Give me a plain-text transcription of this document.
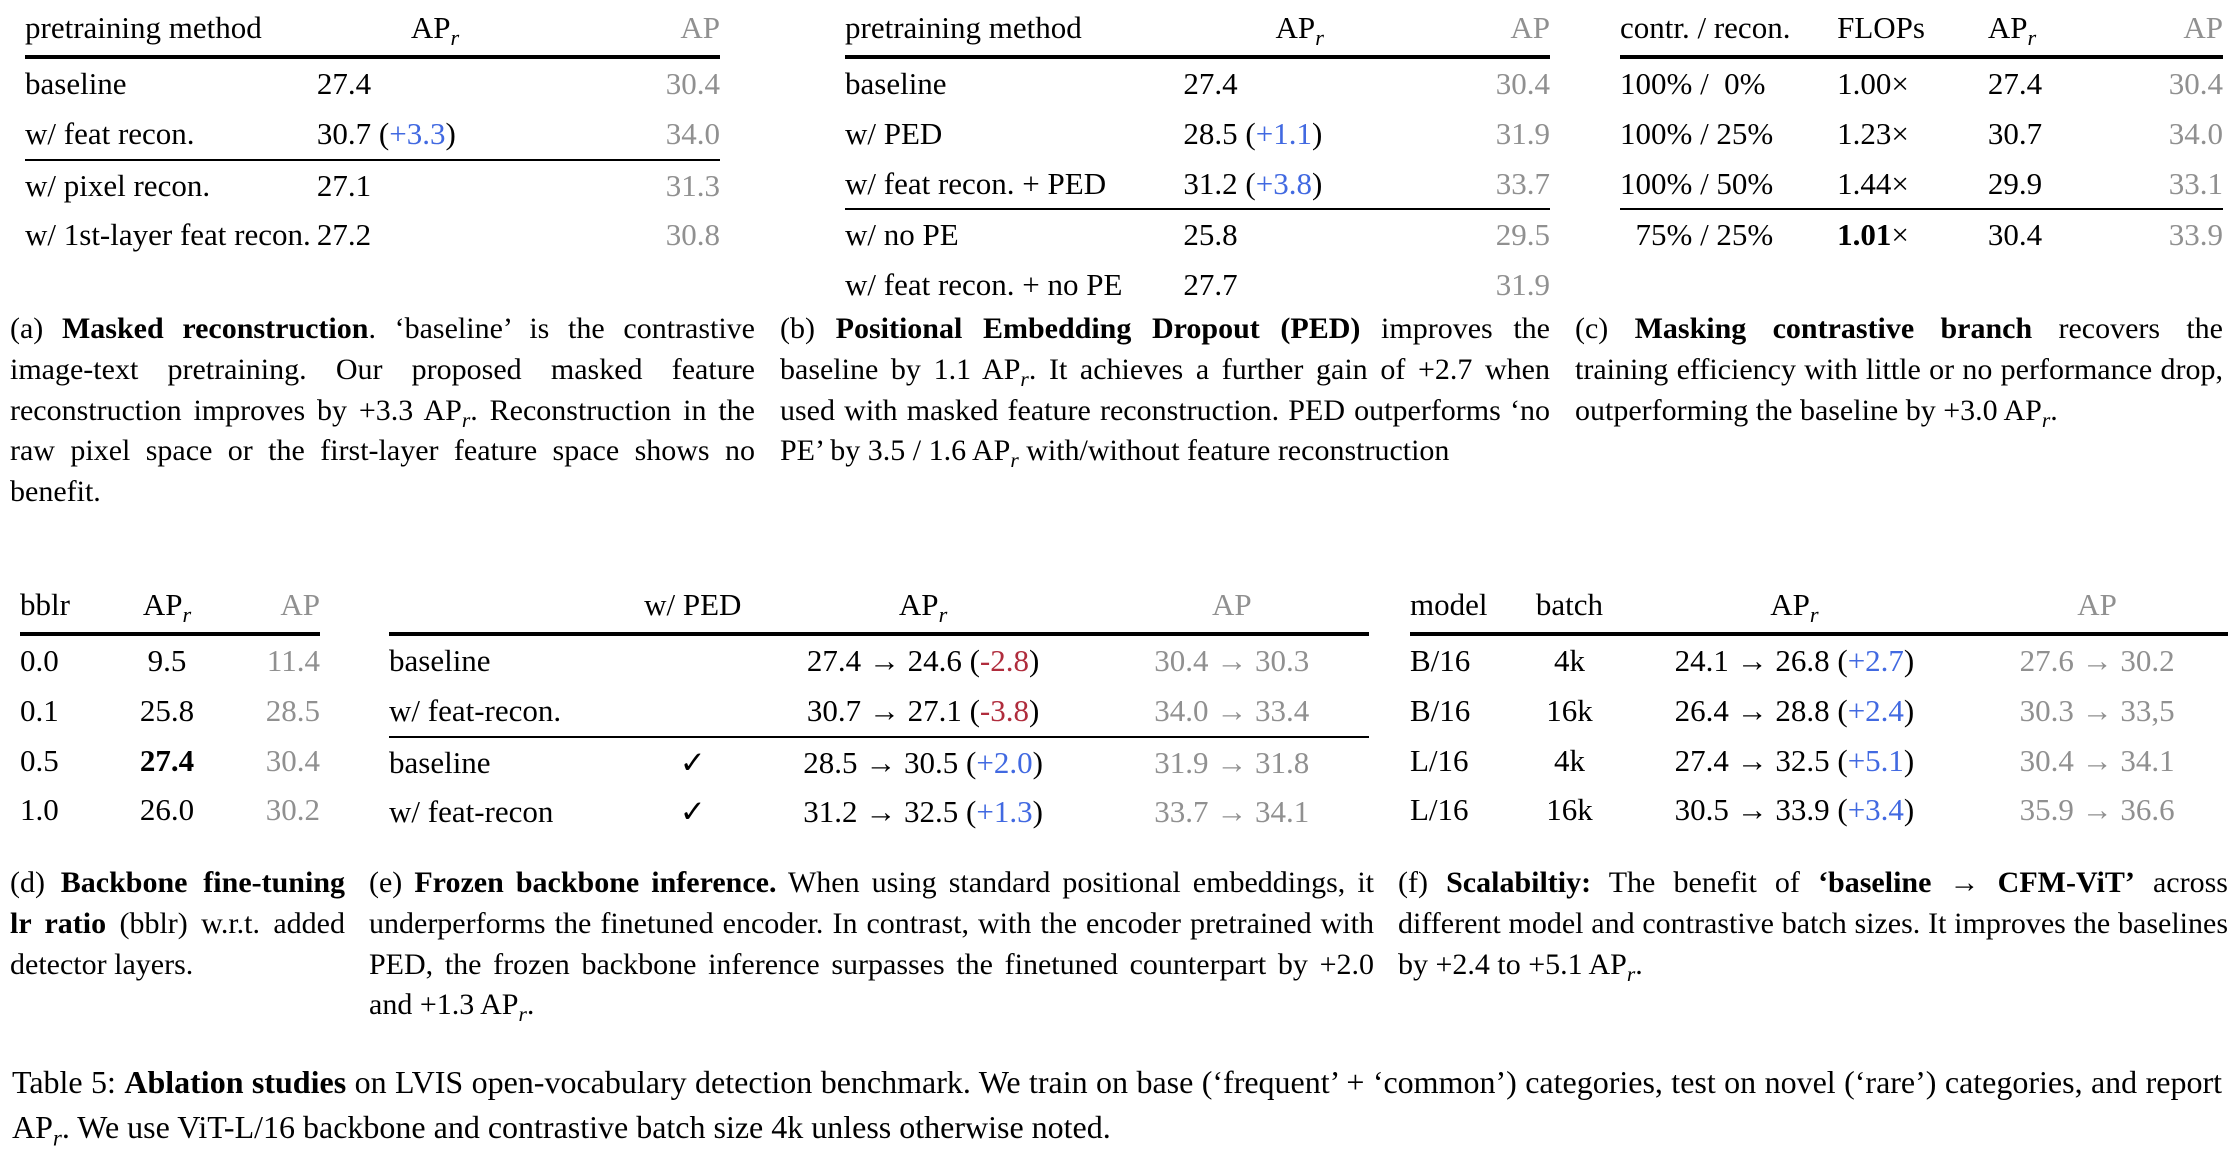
pretraining method	$AP_r$	AP
baseline	27.4	30.4
w/ feat recon.	30.7 (+3.3)	34.0
w/ pixel recon.	27.1	31.3
w/ 1st-layer feat recon.	27.2	30.8

(a) Masked reconstruction. ‘baseline’ is the contrastive image-text pretraining. Our proposed masked feature reconstruction improves by +3.3 $AP_r$. Reconstruction in the raw pixel space or the first-layer feature space shows no benefit.

pretraining method	$AP_r$	AP
baseline	27.4	30.4
w/ PED	28.5 (+1.1)	31.9
w/ feat recon. + PED	31.2 (+3.8)	33.7
w/ no PE	25.8	29.5
w/ feat recon. + no PE	27.7	31.9

(b) Positional Embedding Dropout (PED) improves the baseline by 1.1 $AP_r$. It achieves a further gain of +2.7 when used with masked feature reconstruction. PED outperforms ‘no PE’ by 3.5 / 1.6 $AP_r$ with/without feature reconstruction

contr. / recon.	FLOPs	$AP_r$	AP
100% /  0%	1.00×	27.4	30.4
100% / 25%	1.23×	30.7	34.0
100% / 50%	1.44×	29.9	33.1
75% / 25%	1.01×	30.4	33.9

(c) Masking contrastive branch recovers the training efficiency with little or no performance drop, outperforming the baseline by +3.0 $AP_r$.

bblr	$AP_r$	AP
0.0	9.5	11.4
0.1	25.8	28.5
0.5	27.4	30.4
1.0	26.0	30.2

(d) Backbone fine-tuning lr ratio (bblr) w.r.t. added detector layers.

	w/ PED	$AP_r$	AP
baseline		27.4 → 24.6 (-2.8)	30.4 → 30.3
w/ feat-recon.		30.7 → 27.1 (-3.8)	34.0 → 33.4
baseline	✓	28.5 → 30.5 (+2.0)	31.9 → 31.8
w/ feat-recon	✓	31.2 → 32.5 (+1.3)	33.7 → 34.1

(e) Frozen backbone inference. When using standard positional embeddings, it underperforms the finetuned encoder. In contrast, with the encoder pretrained with PED, the frozen backbone inference surpasses the finetuned counterpart by +2.0 and +1.3 $AP_r$.

model	batch	$AP_r$	AP
B/16	4k	24.1 → 26.8 (+2.7)	27.6 → 30.2
B/16	16k	26.4 → 28.8 (+2.4)	30.3 → 33,5
L/16	4k	27.4 → 32.5 (+5.1)	30.4 → 34.1
L/16	16k	30.5 → 33.9 (+3.4)	35.9 → 36.6

(f) Scalabiltiy: The benefit of ‘baseline → CFM-ViT’ across different model and contrastive batch sizes. It improves the baselines by +2.4 to +5.1 $AP_r$.

Table 5: Ablation studies on LVIS open-vocabulary detection benchmark. We train on base (‘frequent’ + ‘common’) categories, test on novel (‘rare’) categories, and report $AP_r$. We use ViT-L/16 backbone and contrastive batch size 4k unless otherwise noted.
